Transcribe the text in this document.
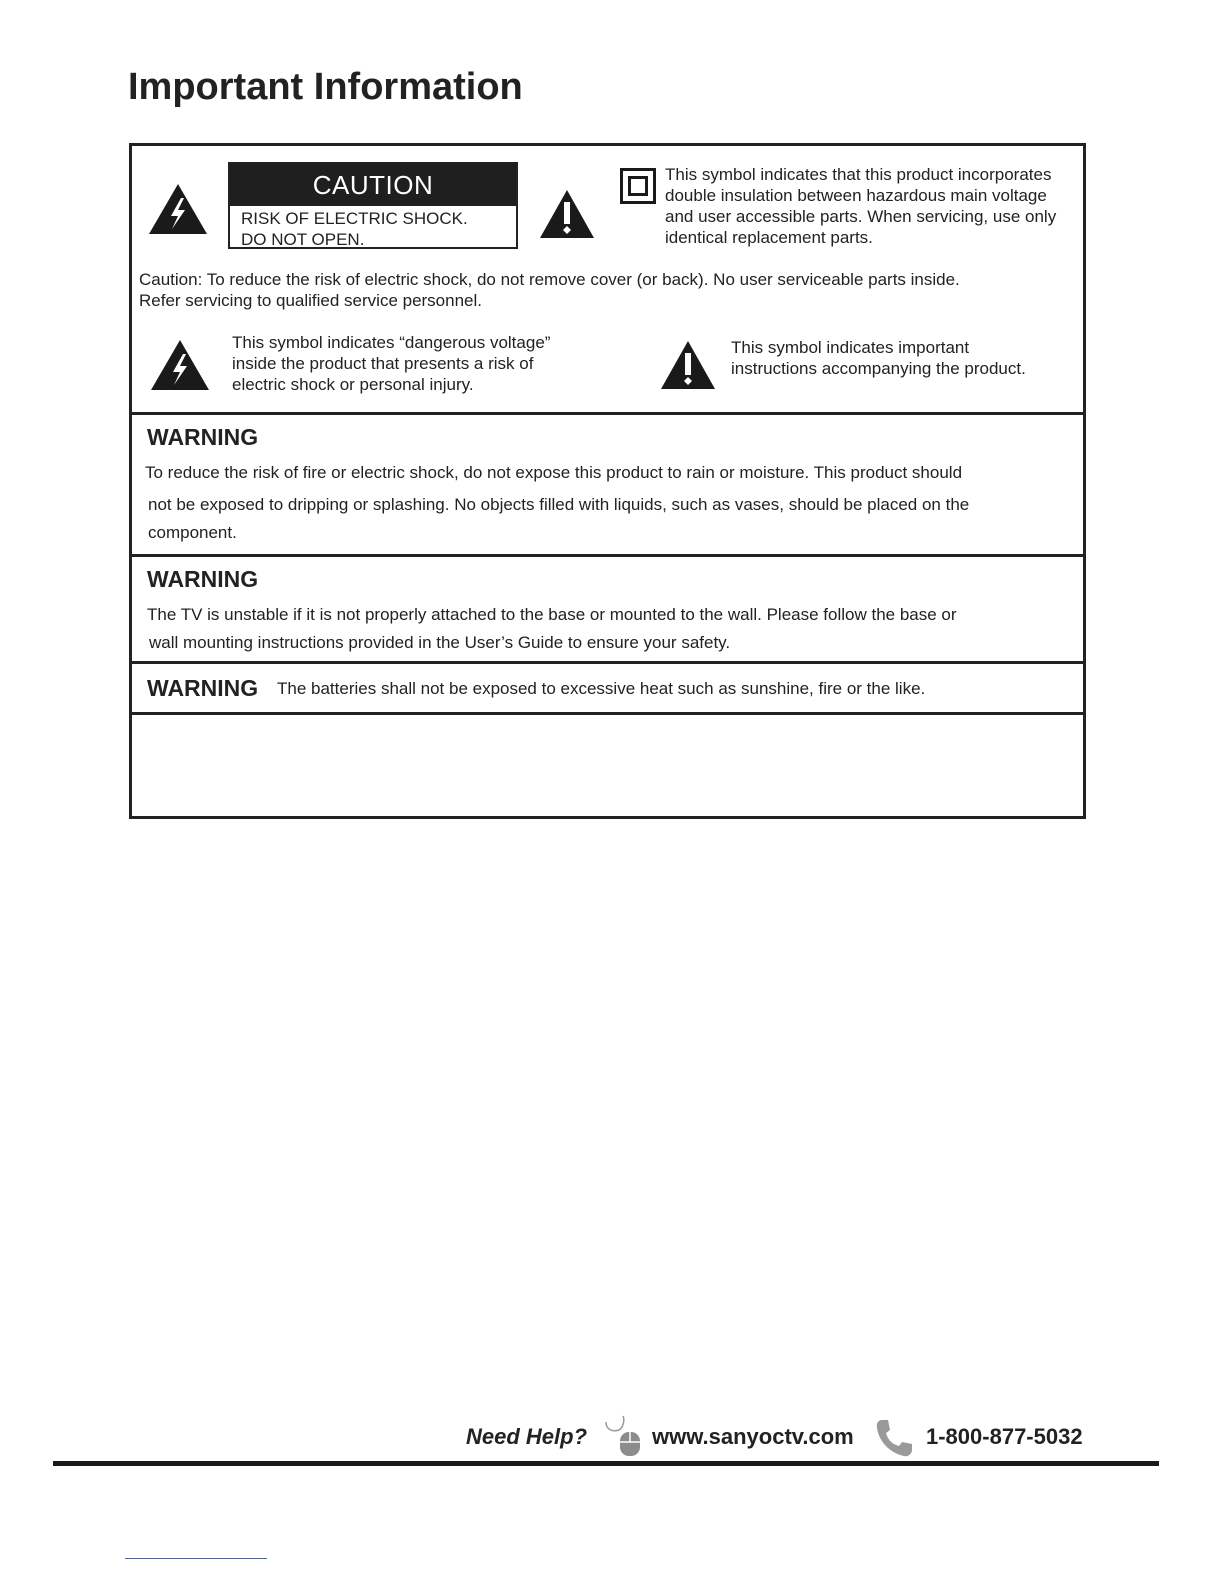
Important Information
CAUTION
RISK OF ELECTRIC SHOCK.
DO NOT OPEN.
This symbol indicates that this product incorporates
double insulation between hazardous main voltage
and user accessible parts. When servicing, use only
identical replacement parts.
Caution: To reduce the risk of electric shock, do not remove cover (or back). No user serviceable parts inside.
Refer servicing to qualified service personnel.
This symbol indicates “dangerous voltage”
inside the product that presents a risk of
electric shock or personal injury.
This symbol indicates important
instructions accompanying the product.
WARNING
To reduce the risk of fire or electric shock, do not expose this product to rain or moisture. This product should
not be exposed to dripping or splashing. No objects filled with liquids, such as vases, should be placed on the
component.
WARNING
The TV is unstable if it is not properly attached to the base or mounted to the wall. Please follow the base or
wall mounting instructions provided in the User’s Guide to ensure your safety.
WARNING The batteries shall not be exposed to excessive heat such as sunshine, fire or the like.
Need Help?	www.sanyoctv.com	1-800-877-5032
